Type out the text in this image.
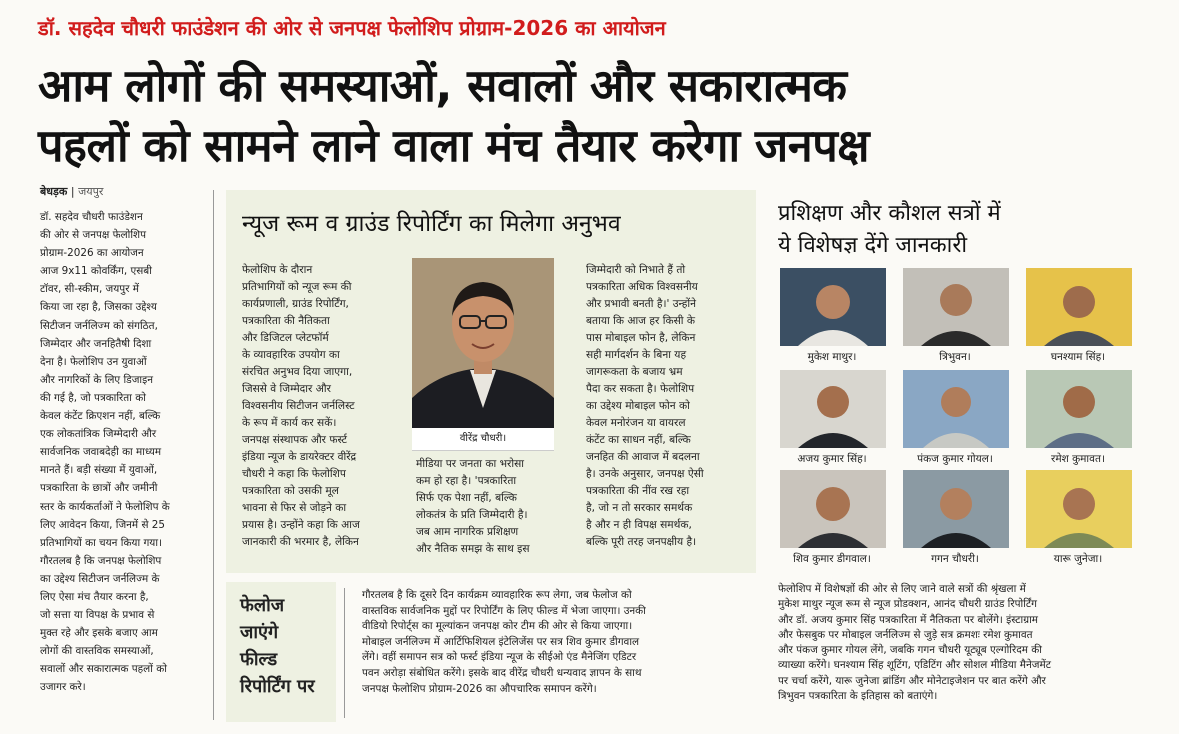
डॉ. सहदेव चौधरी फाउंडेशन की ओर से जनपक्ष फेलोशिप प्रोग्राम-2026 का आयोजन
आम लोगों की समस्याओं, सवालों और सकारात्मक
पहलों को सामने लाने वाला मंच तैयार करेगा जनपक्ष
बेधड़क | जयपुर
डॉ. सहदेव चौधरी फाउंडेशन
की ओर से जनपक्ष फेलोशिप
प्रोग्राम-2026 का आयोजन
आज 9x11 कोवर्किंग, एसबी
टॉवर, सी-स्कीम, जयपुर में
किया जा रहा है, जिसका उद्देश्य
सिटीजन जर्नलिज्म को संगठित,
जिम्मेदार और जनहितैषी दिशा
देना है। फेलोशिप उन युवाओं
और नागरिकों के लिए डिजाइन
की गई है, जो पत्रकारिता को
केवल कंटेंट क्रिएशन नहीं, बल्कि
एक लोकतांत्रिक जिम्मेदारी और
सार्वजनिक जवाबदेही का माध्यम
मानते हैं। बड़ी संख्या में युवाओं,
पत्रकारिता के छात्रों और जमीनी
स्तर के कार्यकर्ताओं ने फेलोशिप के
लिए आवेदन किया, जिनमें से 25
प्रतिभागियों का चयन किया गया।
गौरतलब है कि जनपक्ष फेलोशिप
का उद्देश्य सिटीजन जर्नलिज्म के
लिए ऐसा मंच तैयार करना है,
जो सत्ता या विपक्ष के प्रभाव से
मुक्त रहे और इसके बजाए आम
लोगों की वास्तविक समस्याओं,
सवालों और सकारात्मक पहलों को
उजागर करे।
न्यूज रूम व ग्राउंड रिपोर्टिंग का मिलेगा अनुभव
फेलोशिप के दौरान
प्रतिभागियों को न्यूज रूम की
कार्यप्रणाली, ग्राउंड रिपोर्टिंग,
पत्रकारिता की नैतिकता
और डिजिटल प्लेटफॉर्म
के व्यावहारिक उपयोग का
संरचित अनुभव दिया जाएगा,
जिससे वे जिम्मेदार और
विश्वसनीय सिटीजन जर्नलिस्ट
के रूप में कार्य कर सकें।
जनपक्ष संस्थापक और फर्स्ट
इंडिया न्यूज के डायरेक्टर वीरेंद्र
चौधरी ने कहा कि फेलोशिप
पत्रकारिता को उसकी मूल
भावना से फिर से जोड़ने का
प्रयास है। उन्होंने कहा कि आज
जानकारी की भरमार है, लेकिन
वीरेंद्र चौधरी।
मीडिया पर जनता का भरोसा
कम हो रहा है। 'पत्रकारिता
सिर्फ एक पेशा नहीं, बल्कि
लोकतंत्र के प्रति जिम्मेदारी है।
जब आम नागरिक प्रशिक्षण
और नैतिक समझ के साथ इस
जिम्मेदारी को निभाते हैं तो
पत्रकारिता अधिक विश्वसनीय
और प्रभावी बनती है।' उन्होंने
बताया कि आज हर किसी के
पास मोबाइल फोन है, लेकिन
सही मार्गदर्शन के बिना यह
जागरूकता के बजाय भ्रम
पैदा कर सकता है। फेलोशिप
का उद्देश्य मोबाइल फोन को
केवल मनोरंजन या वायरल
कंटेंट का साधन नहीं, बल्कि
जनहित की आवाज में बदलना
है। उनके अनुसार, जनपक्ष ऐसी
पत्रकारिता की नींव रख रहा
है, जो न तो सरकार समर्थक
है और न ही विपक्ष समर्थक,
बल्कि पूरी तरह जनपक्षीय है।
फेलोज
जाएंगे
फील्ड
रिपोर्टिंग पर
गौरतलब है कि दूसरे दिन कार्यक्रम व्यावहारिक रूप लेगा, जब फेलोज को
वास्तविक सार्वजनिक मुद्दों पर रिपोर्टिंग के लिए फील्ड में भेजा जाएगा। उनकी
वीडियो रिपोर्ट्स का मूल्यांकन जनपक्ष कोर टीम की ओर से किया जाएगा।
मोबाइल जर्नलिज्म में आर्टिफिशियल इंटेलिजेंस पर सत्र शिव कुमार डीगवाल
लेंगे। वहीं समापन सत्र को फर्स्ट इंडिया न्यूज के सीईओ एंड मैनेजिंग एडिटर
पवन अरोड़ा संबोधित करेंगे। इसके बाद वीरेंद्र चौधरी धन्यवाद ज्ञापन के साथ
जनपक्ष फेलोशिप प्रोग्राम-2026 का औपचारिक समापन करेंगे।
प्रशिक्षण और कौशल सत्रों में
ये विशेषज्ञ देंगे जानकारी
मुकेश माथुर।	त्रिभुवन।	घनश्याम सिंह।
अजय कुमार सिंह।	पंकज कुमार गोयल।	रमेश कुमावत।
शिव कुमार डीगवाल।	गगन चौधरी।	यारू जुनेजा।
फेलोशिप में विशेषज्ञों की ओर से लिए जाने वाले सत्रों की श्रृंखला में
मुकेश माथुर न्यूज रूम से न्यूज प्रोडक्शन, आनंद चौधरी ग्राउंड रिपोर्टिंग
और डॉ. अजय कुमार सिंह पत्रकारिता में नैतिकता पर बोलेंगे। इंस्टाग्राम
और फेसबुक पर मोबाइल जर्नलिज्म से जुड़े सत्र क्रमशः रमेश कुमावत
और पंकज कुमार गोयल लेंगे, जबकि गगन चौधरी यूट्यूब एल्गोरिदम की
व्याख्या करेंगे। घनश्याम सिंह शूटिंग, एडिटिंग और सोशल मीडिया मैनेजमेंट
पर चर्चा करेंगे, यारू जुनेजा ब्रांडिंग और मोनेटाइजेशन पर बात करेंगे और
त्रिभुवन पत्रकारिता के इतिहास को बताएंगे।
